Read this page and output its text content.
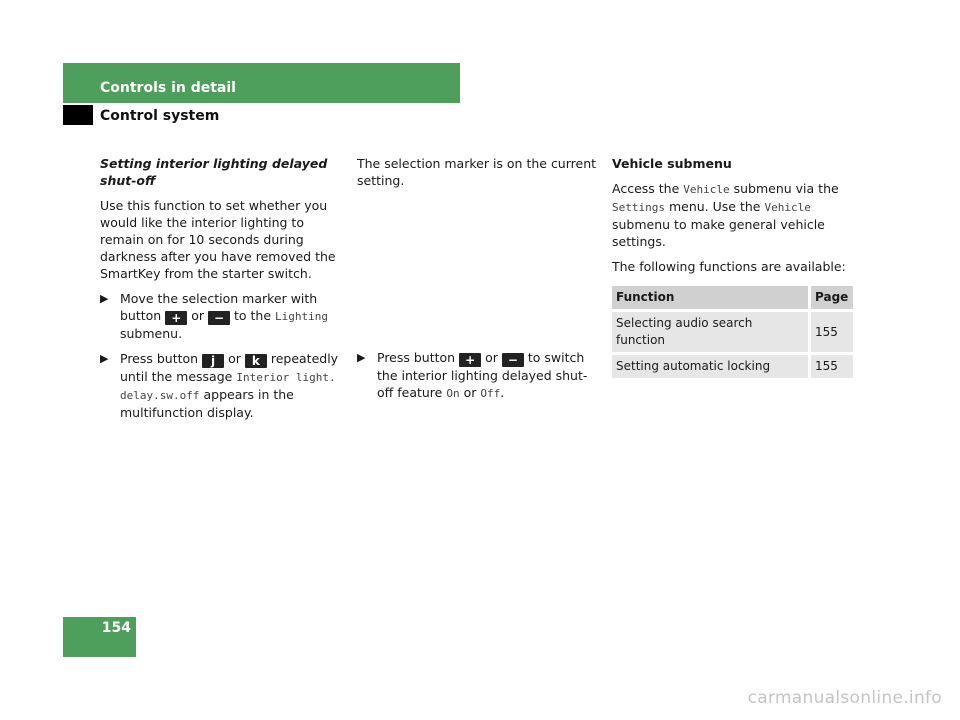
Controls in detail
Control system

Setting interior lighting delayed shut-off

Use this function to set whether you would like the interior lighting to remain on for 10 seconds during darkness after you have removed the SmartKey from the starter switch.

▶ Move the selection marker with button + or − to the Lighting submenu.
▶ Press button j or k repeatedly until the message Interior light. delay.sw.off appears in the multifunction display.

The selection marker is on the current setting.

▶ Press button + or − to switch the interior lighting delayed shut-off feature On or Off.

Vehicle submenu

Access the Vehicle submenu via the Settings menu. Use the Vehicle submenu to make general vehicle settings.

The following functions are available:

Function	Page
Selecting audio search function	155
Setting automatic locking	155
154
carmanualsonline.info
